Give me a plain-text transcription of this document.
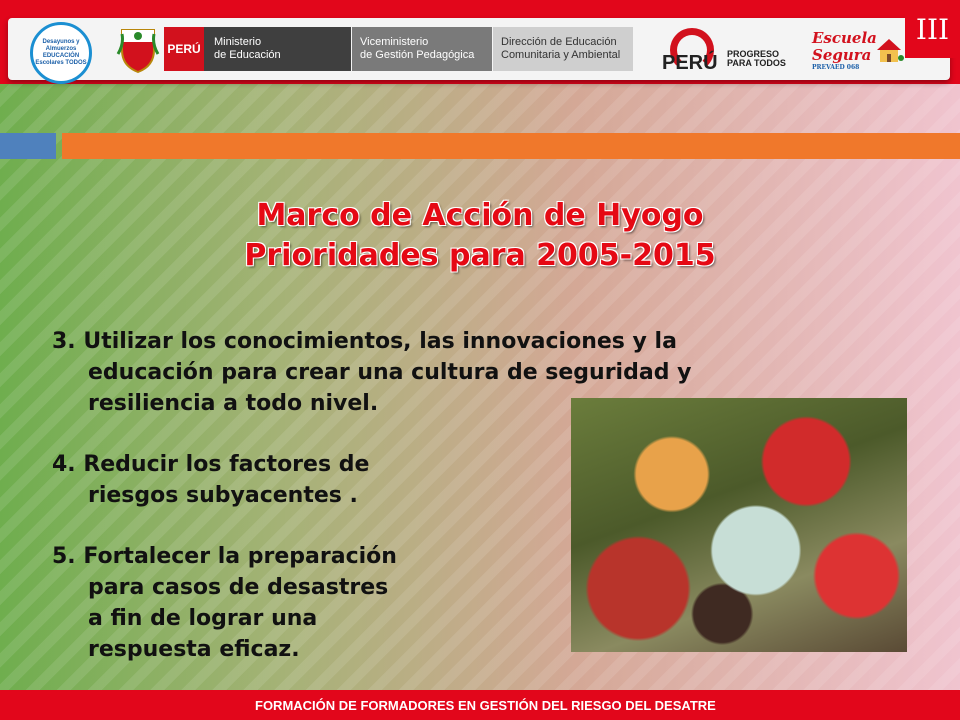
Desayunos y Almuerzos EDUCACIÓN Escolares TODOS
PERÚ Ministerio
de Educación
Viceministerio
de Gestión Pedagógica
Dirección de Educación
Comunitaria y Ambiental	PERÚ PROGRESO
PARA TODOS
Escuela
Segura
PREVAED 068
III
Marco de Acción de Hyogo
Prioridades para 2005-2015
3. Utilizar los conocimientos, las innovaciones y la
educación para crear una cultura de seguridad y
resiliencia a todo nivel.
4. Reducir los factores de
riesgos subyacentes .
5. Fortalecer la preparación
para casos de desastres
a fin de lograr una
respuesta eficaz.
FORMACIÓN DE FORMADORES EN GESTIÓN DEL RIESGO DEL DESATRE
